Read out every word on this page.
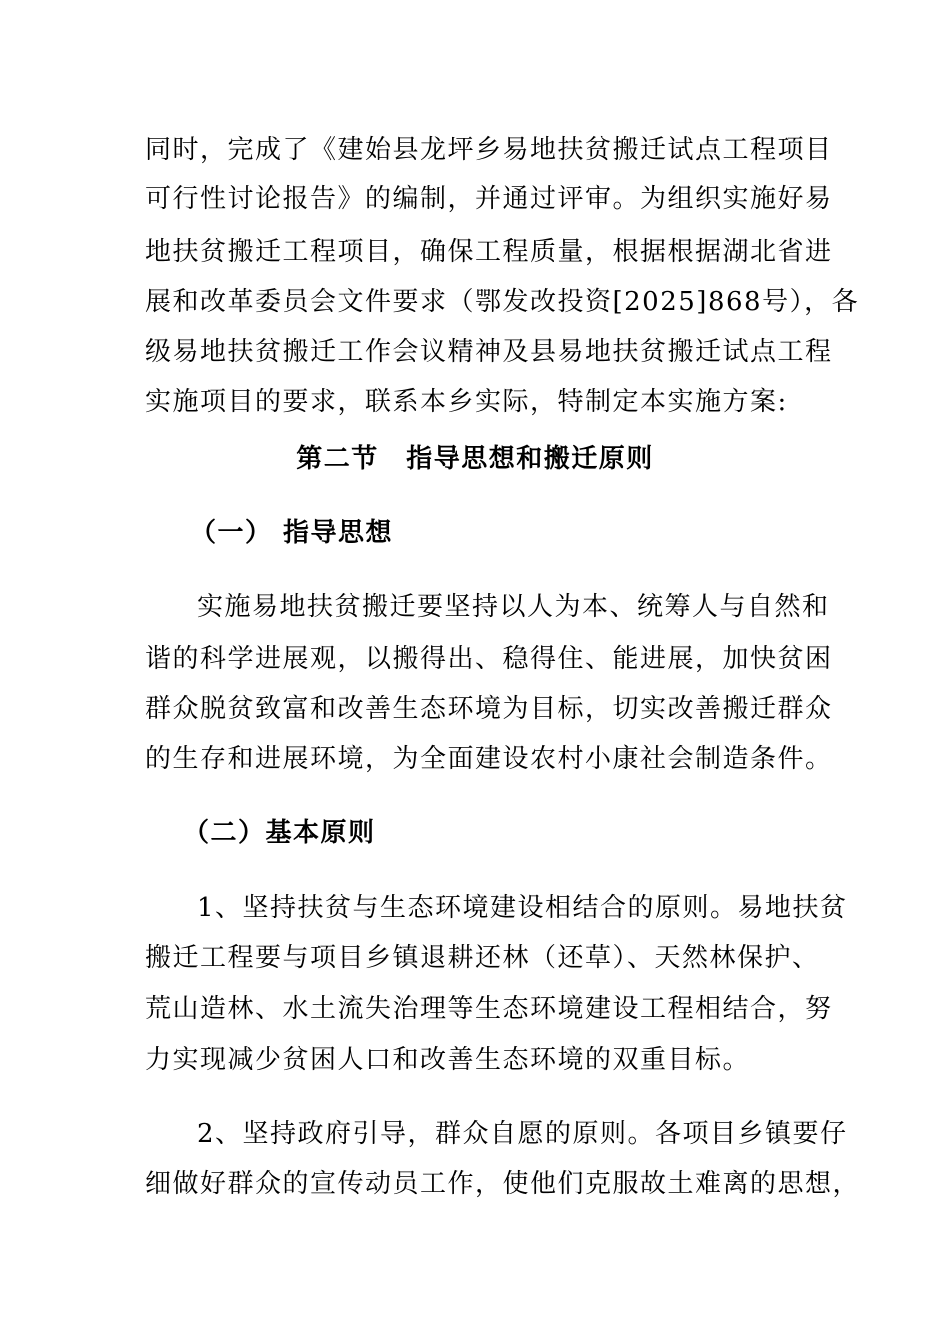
同时，完成了《建始县龙坪乡易地扶贫搬迁试点工程项目
可行性讨论报告》的编制，并通过评审。为组织实施好易
地扶贫搬迁工程项目，确保工程质量，根据根据湖北省进
展和改革委员会文件要求（鄂发改投资[2025]868号），各
级易地扶贫搬迁工作会议精神及县易地扶贫搬迁试点工程
实施项目的要求，联系本乡实际，特制定本实施方案:
第二节　指导思想和搬迁原则
（一） 指导思想
实施易地扶贫搬迁要坚持以人为本、统筹人与自然和
谐的科学进展观，以搬得出、稳得住、能进展，加快贫困
群众脱贫致富和改善生态环境为目标，切实改善搬迁群众
的生存和进展环境，为全面建设农村小康社会制造条件。
（二）基本原则
1、坚持扶贫与生态环境建设相结合的原则。易地扶贫
搬迁工程要与项目乡镇退耕还林（还草）、天然林保护、
荒山造林、水土流失治理等生态环境建设工程相结合，努
力实现减少贫困人口和改善生态环境的双重目标。
2、坚持政府引导，群众自愿的原则。各项目乡镇要仔
细做好群众的宣传动员工作，使他们克服故土难离的思想，
